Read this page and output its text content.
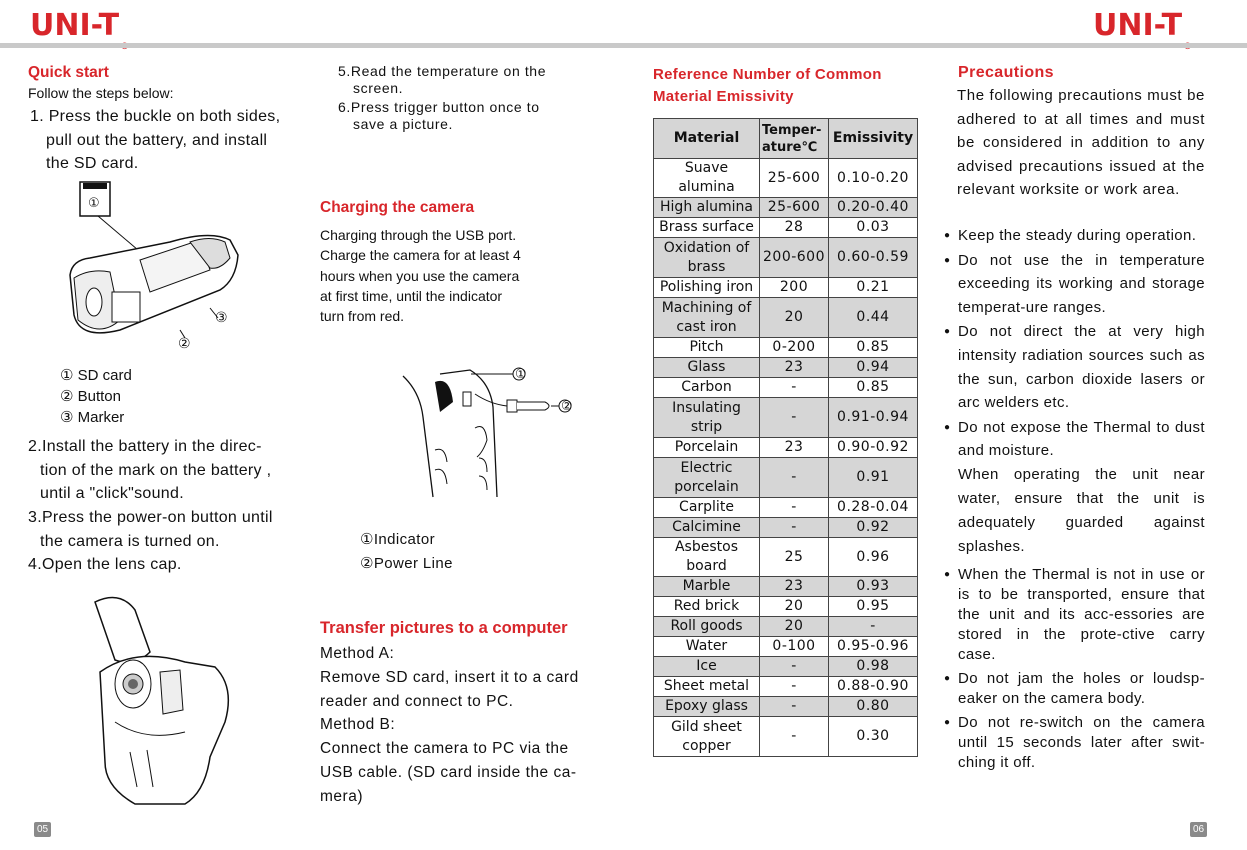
UNI-T	UNI-T
Quick start
Follow the steps below:
1. Press the buckle on both sides,
pull out the battery, and install
the SD card.
③
②
①
① SD card
② Button
③ Marker
2.Install the battery in the direc-
tion of the mark on the battery ,
until a "click"sound.
3.Press the power-on button until
the camera is turned on.
4.Open the lens cap.
05
5.Read the temperature on the
screen.
6.Press trigger button once to
save a picture.
Charging the camera
Charging through the USB port.
Charge the camera for at least 4
hours when you use the camera
at first time, until the indicator
turn from red.
①
②
①Indicator
②Power Line
Transfer pictures to a computer
Method A:
Remove SD card, insert it to a card
reader and connect to PC.
Method B:
Connect the camera to PC via the
USB cable. (SD card inside the ca-
mera)
Reference Number of Common
Material Emissivity
Material	Temper-ature℃	Emissivity
Suave alumina	25-600	0.10-0.20
High alumina	25-600	0.20-0.40
Brass surface	28	0.03
Oxidation of brass	200-600	0.60-0.59
Polishing iron	200	0.21
Machining of cast iron	20	0.44
Pitch	0-200	0.85
Glass	23	0.94
Carbon	-	0.85
Insulating strip	-	0.91-0.94
Porcelain	23	0.90-0.92
Electric porcelain	-	0.91
Carplite	-	0.28-0.04
Calcimine	-	0.92
Asbestos board	25	0.96
Marble	23	0.93
Red brick	20	0.95
Roll goods	20	-
Water	0-100	0.95-0.96
Ice	-	0.98
Sheet metal	-	0.88-0.90
Epoxy glass	-	0.80
Gild sheet copper	-	0.30
Precautions
The following precautions must be adhered to at all times and must be considered in addition to any advised precautions issued at the relevant worksite or work area.
● Keep the steady during operation.
● Do not use the in temperature exceeding its working and storage temperat-ure ranges.
● Do not direct the at very high intensity radiation sources such as the sun, carbon dioxide lasers or arc welders etc.
● Do not expose the Thermal to dust and moisture.
When operating the unit near water, ensure that the unit is adequately guarded against splashes.
● When the Thermal is not in use or is to be transported, ensure that the unit and its acc-essories are stored in the prote-ctive carry case.
● Do not jam the holes or loudsp-eaker on the camera body.
● Do not re-switch on the camera until 15 seconds later after swit-ching it off.
06
